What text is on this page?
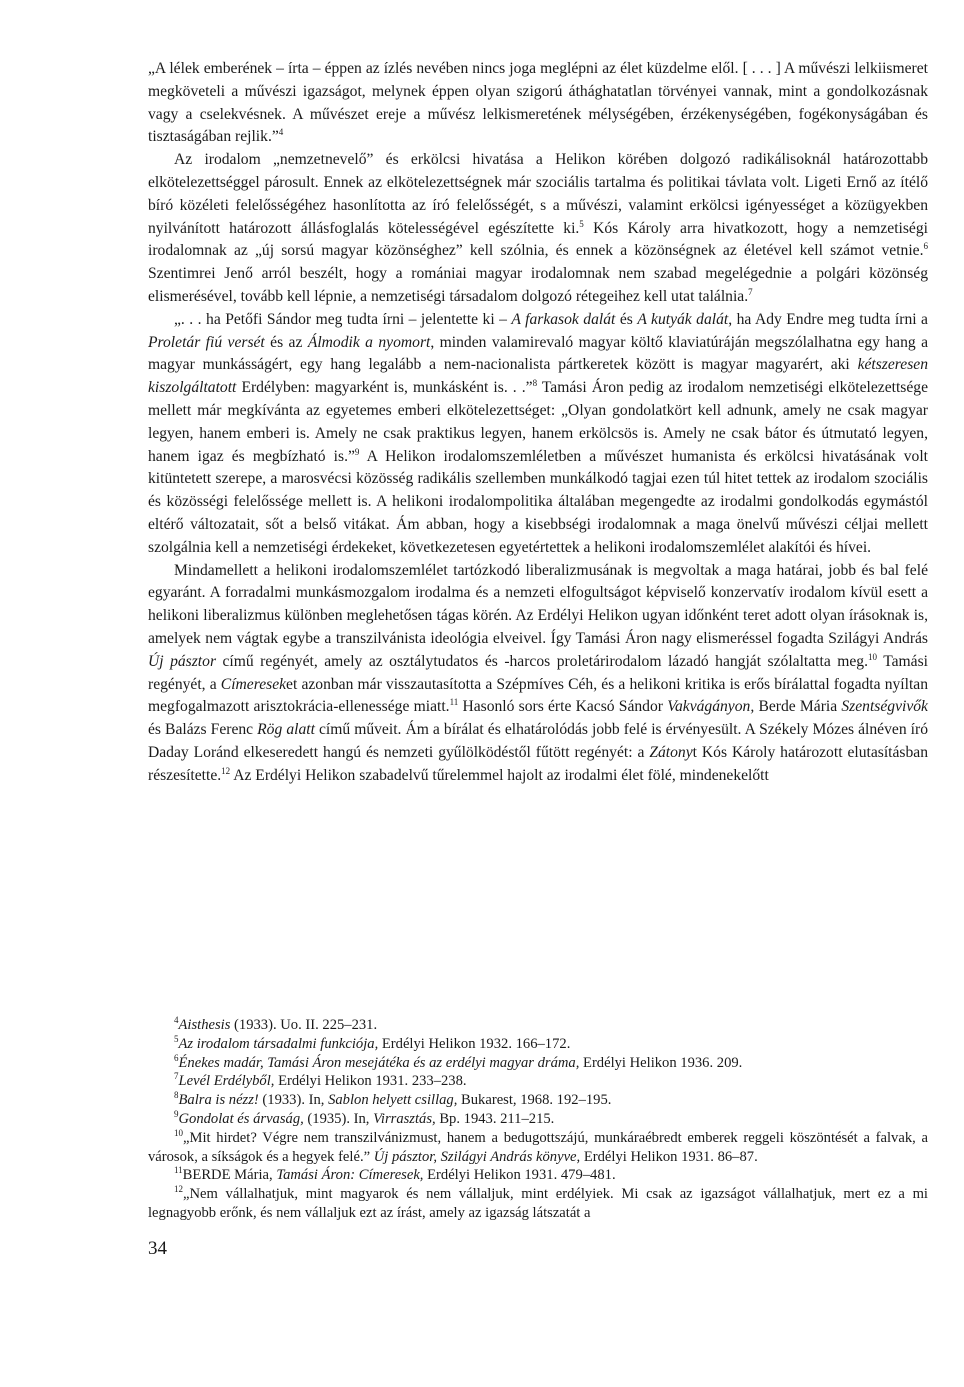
„A lélek emberének – írta – éppen az ízlés nevében nincs joga meglépni az élet küzdelme elől. [ . . . ] A művészi lelkiismeret megköveteli a művészi igazságot, melynek éppen olyan szigorú áthághatatlan törvényei vannak, mint a gondolkozásnak vagy a cselekvésnek. A művészet ereje a művész lelkismeretének mélységében, érzékenységében, fogékonyságában és tisztaságában rejlik.”$^4$

Az irodalom „nemzetnevelő” és erkölcsi hivatása a Helikon körében dolgozó radikálisoknál határozottabb elkötelezettséggel párosult. Ennek az elkötelezettségnek már szociális tartalma és politikai távlata volt. Ligeti Ernő az ítélő bíró közéleti felelősségéhez hasonlította az író felelősségét, s a művészi, valamint erkölcsi igényességet a közügyekben nyilvánított határozott állásfoglalás kötelességével egészítette ki.$^5$ Kós Károly arra hivatkozott, hogy a nemzetiségi irodalomnak az „új sorsú magyar közönséghez” kell szólnia, és ennek a közönségnek az életével kell számot vetnie.$^6$ Szentimrei Jenő arról beszélt, hogy a romániai magyar irodalomnak nem szabad megelégednie a polgári közönség elismerésével, tovább kell lépnie, a nemzetiségi társadalom dolgozó rétegeihez kell utat találnia.$^7$

„. . . ha Petőfi Sándor meg tudta írni – jelentette ki – A farkasok dalát és A kutyák dalát, ha Ady Endre meg tudta írni a Proletár fiú versét és az Álmodik a nyomort, minden valamirevaló magyar költő klaviatúráján megszólalhatna egy hang a magyar munkásságért, egy hang legalább a nem-nacionalista pártkeretek között is magyar magyarért, aki kétszeresen kiszolgáltatott Erdélyben: magyarként is, munkásként is. . .”$^8$ Tamási Áron pedig az irodalom nemzetiségi elkötelezettsége mellett már megkívánta az egyetemes emberi elkötelezettséget: „Olyan gondolatkört kell adnunk, amely ne csak magyar legyen, hanem emberi is. Amely ne csak praktikus legyen, hanem erkölcsös is. Amely ne csak bátor és útmutató legyen, hanem igaz és megbízható is.”$^9$ A Helikon irodalomszemléletben a művészet humanista és erkölcsi hivatásának volt kitüntetett szerepe, a marosvécsi közösség radikális szellemben munkálkodó tagjai ezen túl hitet tettek az irodalom szociális és közösségi felelőssége mellett is. A helikoni irodalompolitika általában megengedte az irodalmi gondolkodás egymástól eltérő változatait, sőt a belső vitákat. Ám abban, hogy a kisebbségi irodalomnak a maga önelvű művészi céljai mellett szolgálnia kell a nemzetiségi érdekeket, következetesen egyetértettek a helikoni irodalomszemlélet alakítói és hívei.

Mindamellett a helikoni irodalomszemlélet tartózkodó liberalizmusának is megvoltak a maga határai, jobb és bal felé egyaránt. A forradalmi munkásmozgalom irodalma és a nemzeti elfogultságot képviselő konzervatív irodalom kívül esett a helikoni liberalizmus különben meglehetősen tágas körén. Az Erdélyi Helikon ugyan időnként teret adott olyan írásoknak is, amelyek nem vágtak egybe a transzilvánista ideológia elveivel. Így Tamási Áron nagy elismeréssel fogadta Szilágyi András Új pásztor című regényét, amely az osztálytudatos és -harcos proletárirodalom lázadó hangját szólaltatta meg.$^{10}$ Tamási regényét, a Címereseket azonban már visszautasította a Szépmíves Céh, és a helikoni kritika is erős bírálattal fogadta nyíltan megfogalmazott arisztokrácia-ellenessége miatt.$^{11}$ Hasonló sors érte Kacsó Sándor Vakvágányon, Berde Mária Szentségvivők és Balázs Ferenc Rög alatt című műveit. Ám a bírálat és elhatárolódás jobb felé is érvényesült. A Székely Mózes álnéven író Daday Loránd elkeseredett hangú és nemzeti gyűlölködéstől fűtött regényét: a Zátonyt Kós Károly határozott elutasításban részesítette.$^{12}$ Az Erdélyi Helikon szabadelvű tűrelemmel hajolt az irodalmi élet fölé, mindenekelőtt

$^4$Aisthesis (1933). Uo. II. 225–231.

$^5$Az irodalom társadalmi funkciója, Erdélyi Helikon 1932. 166–172.

$^6$Énekes madár, Tamási Áron mesejátéka és az erdélyi magyar dráma, Erdélyi Helikon 1936. 209.

$^7$Levél Erdélyből, Erdélyi Helikon 1931. 233–238.

$^8$Balra is nézz! (1933). In, Sablon helyett csillag, Bukarest, 1968. 192–195.

$^9$Gondolat és árvaság, (1935). In, Virrasztás, Bp. 1943. 211–215.

$^{10}$„Mit hirdet? Végre nem transzilvánizmust, hanem a bedugottszájú, munkáraébredt emberek reggeli köszöntését a falvak, a városok, a síkságok és a hegyek felé.” Új pásztor, Szilágyi András könyve, Erdélyi Helikon 1931. 86–87.

$^{11}$BERDE Mária, Tamási Áron: Címeresek, Erdélyi Helikon 1931. 479–481.

$^{12}$„Nem vállalhatjuk, mint magyarok és nem vállaljuk, mint erdélyiek. Mi csak az igazságot vállalhatjuk, mert ez a mi legnagyobb erőnk, és nem vállaljuk ezt az írást, amely az igazság látszatát a

34
